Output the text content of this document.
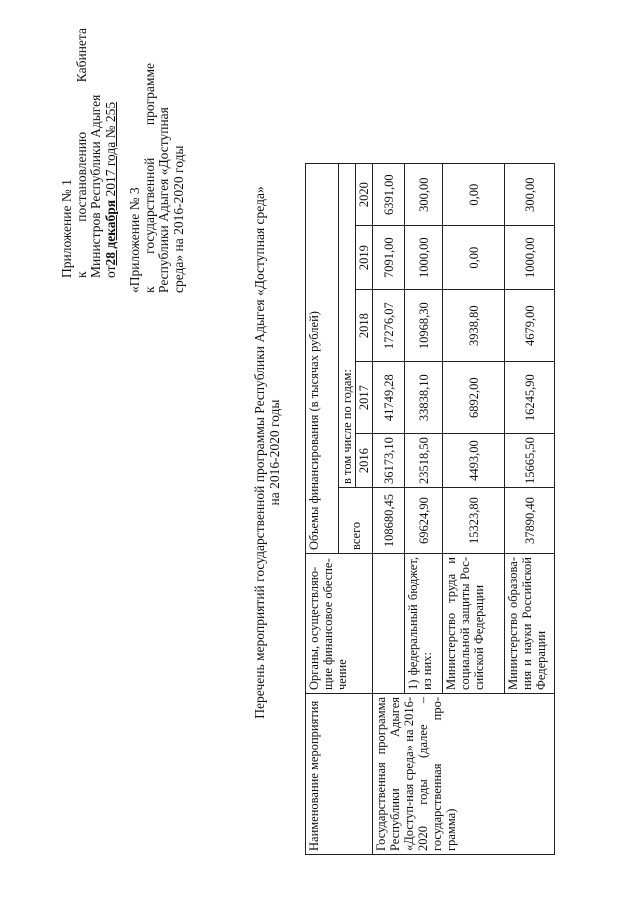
Приложение № 1 к
постановлению
Кабинета
Министров Республики Адыгея от28 декабря 2017 года № 255
«Приложение № 3 к
государственной
программе
Республики Адыгея «Доступная среда» на 2016-2020 годы	Перечень мероприятий государственной программы Республики Адыгея «Доступная среда» на 2016-2020 годы
Наименование мероприятия	Органы, осуществляю-щие финансовое обеспе-чение	Объемы финансирования (в тысячах рублей)					
		всего	в том числе по годам:				
			2016	2017	2018	2019	2020
Государственная программа Республики Адыгея «Доступ-ная среда» на 2016-2020 годы (далее – государственная про-грамма)		108680,45	36173,10	41749,28	17276,07	7091,00	6391,00
	1) федеральный бюджет, из них:	69624,90	23518,50	33838,10	10968,30	1000,00	300,00
	Министерство труда и социальной защиты Рос-сийской Федерации	15323,80	4493,00	6892,00	3938,80	0,00	0,00
	Министерство образова-ния и науки Российской Федерации	37890,40	15665,50	16245,90	4679,00	1000,00	300,00
